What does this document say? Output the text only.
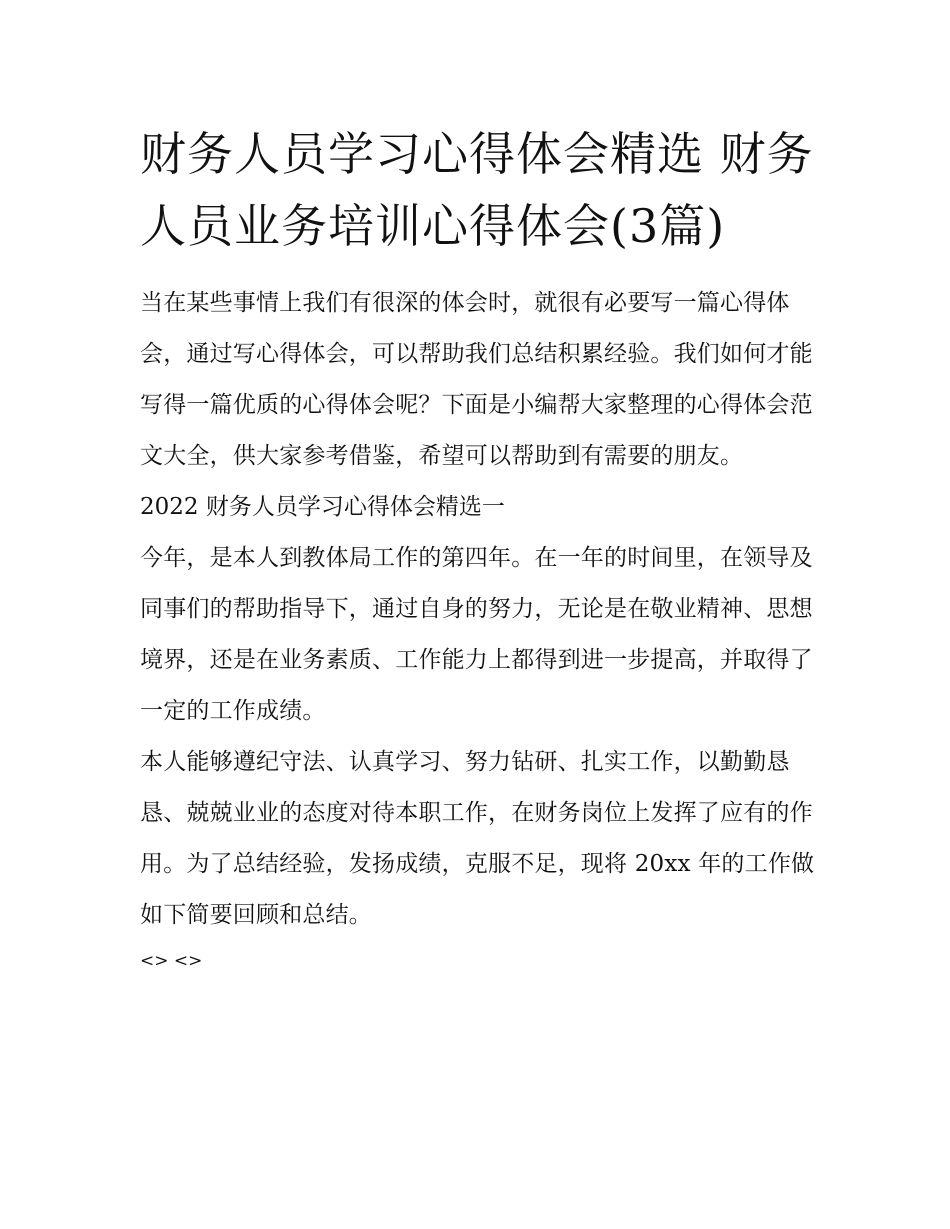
财务人员学习心得体会精选 财务人员业务培训心得体会(3篇)

当在某些事情上我们有很深的体会时，就很有必要写一篇心得体会，通过写心得体会，可以帮助我们总结积累经验。我们如何才能写得一篇优质的心得体会呢？下面是小编帮大家整理的心得体会范文大全，供大家参考借鉴，希望可以帮助到有需要的朋友。

2022 财务人员学习心得体会精选一

今年，是本人到教体局工作的第四年。在一年的时间里，在领导及同事们的帮助指导下，通过自身的努力，无论是在敬业精神、思想境界，还是在业务素质、工作能力上都得到进一步提高，并取得了一定的工作成绩。

本人能够遵纪守法、认真学习、努力钻研、扎实工作，以勤勤恳恳、兢兢业业的态度对待本职工作，在财务岗位上发挥了应有的作用。为了总结经验，发扬成绩，克服不足，现将 20xx 年的工作做如下简要回顾和总结。

<> <>
